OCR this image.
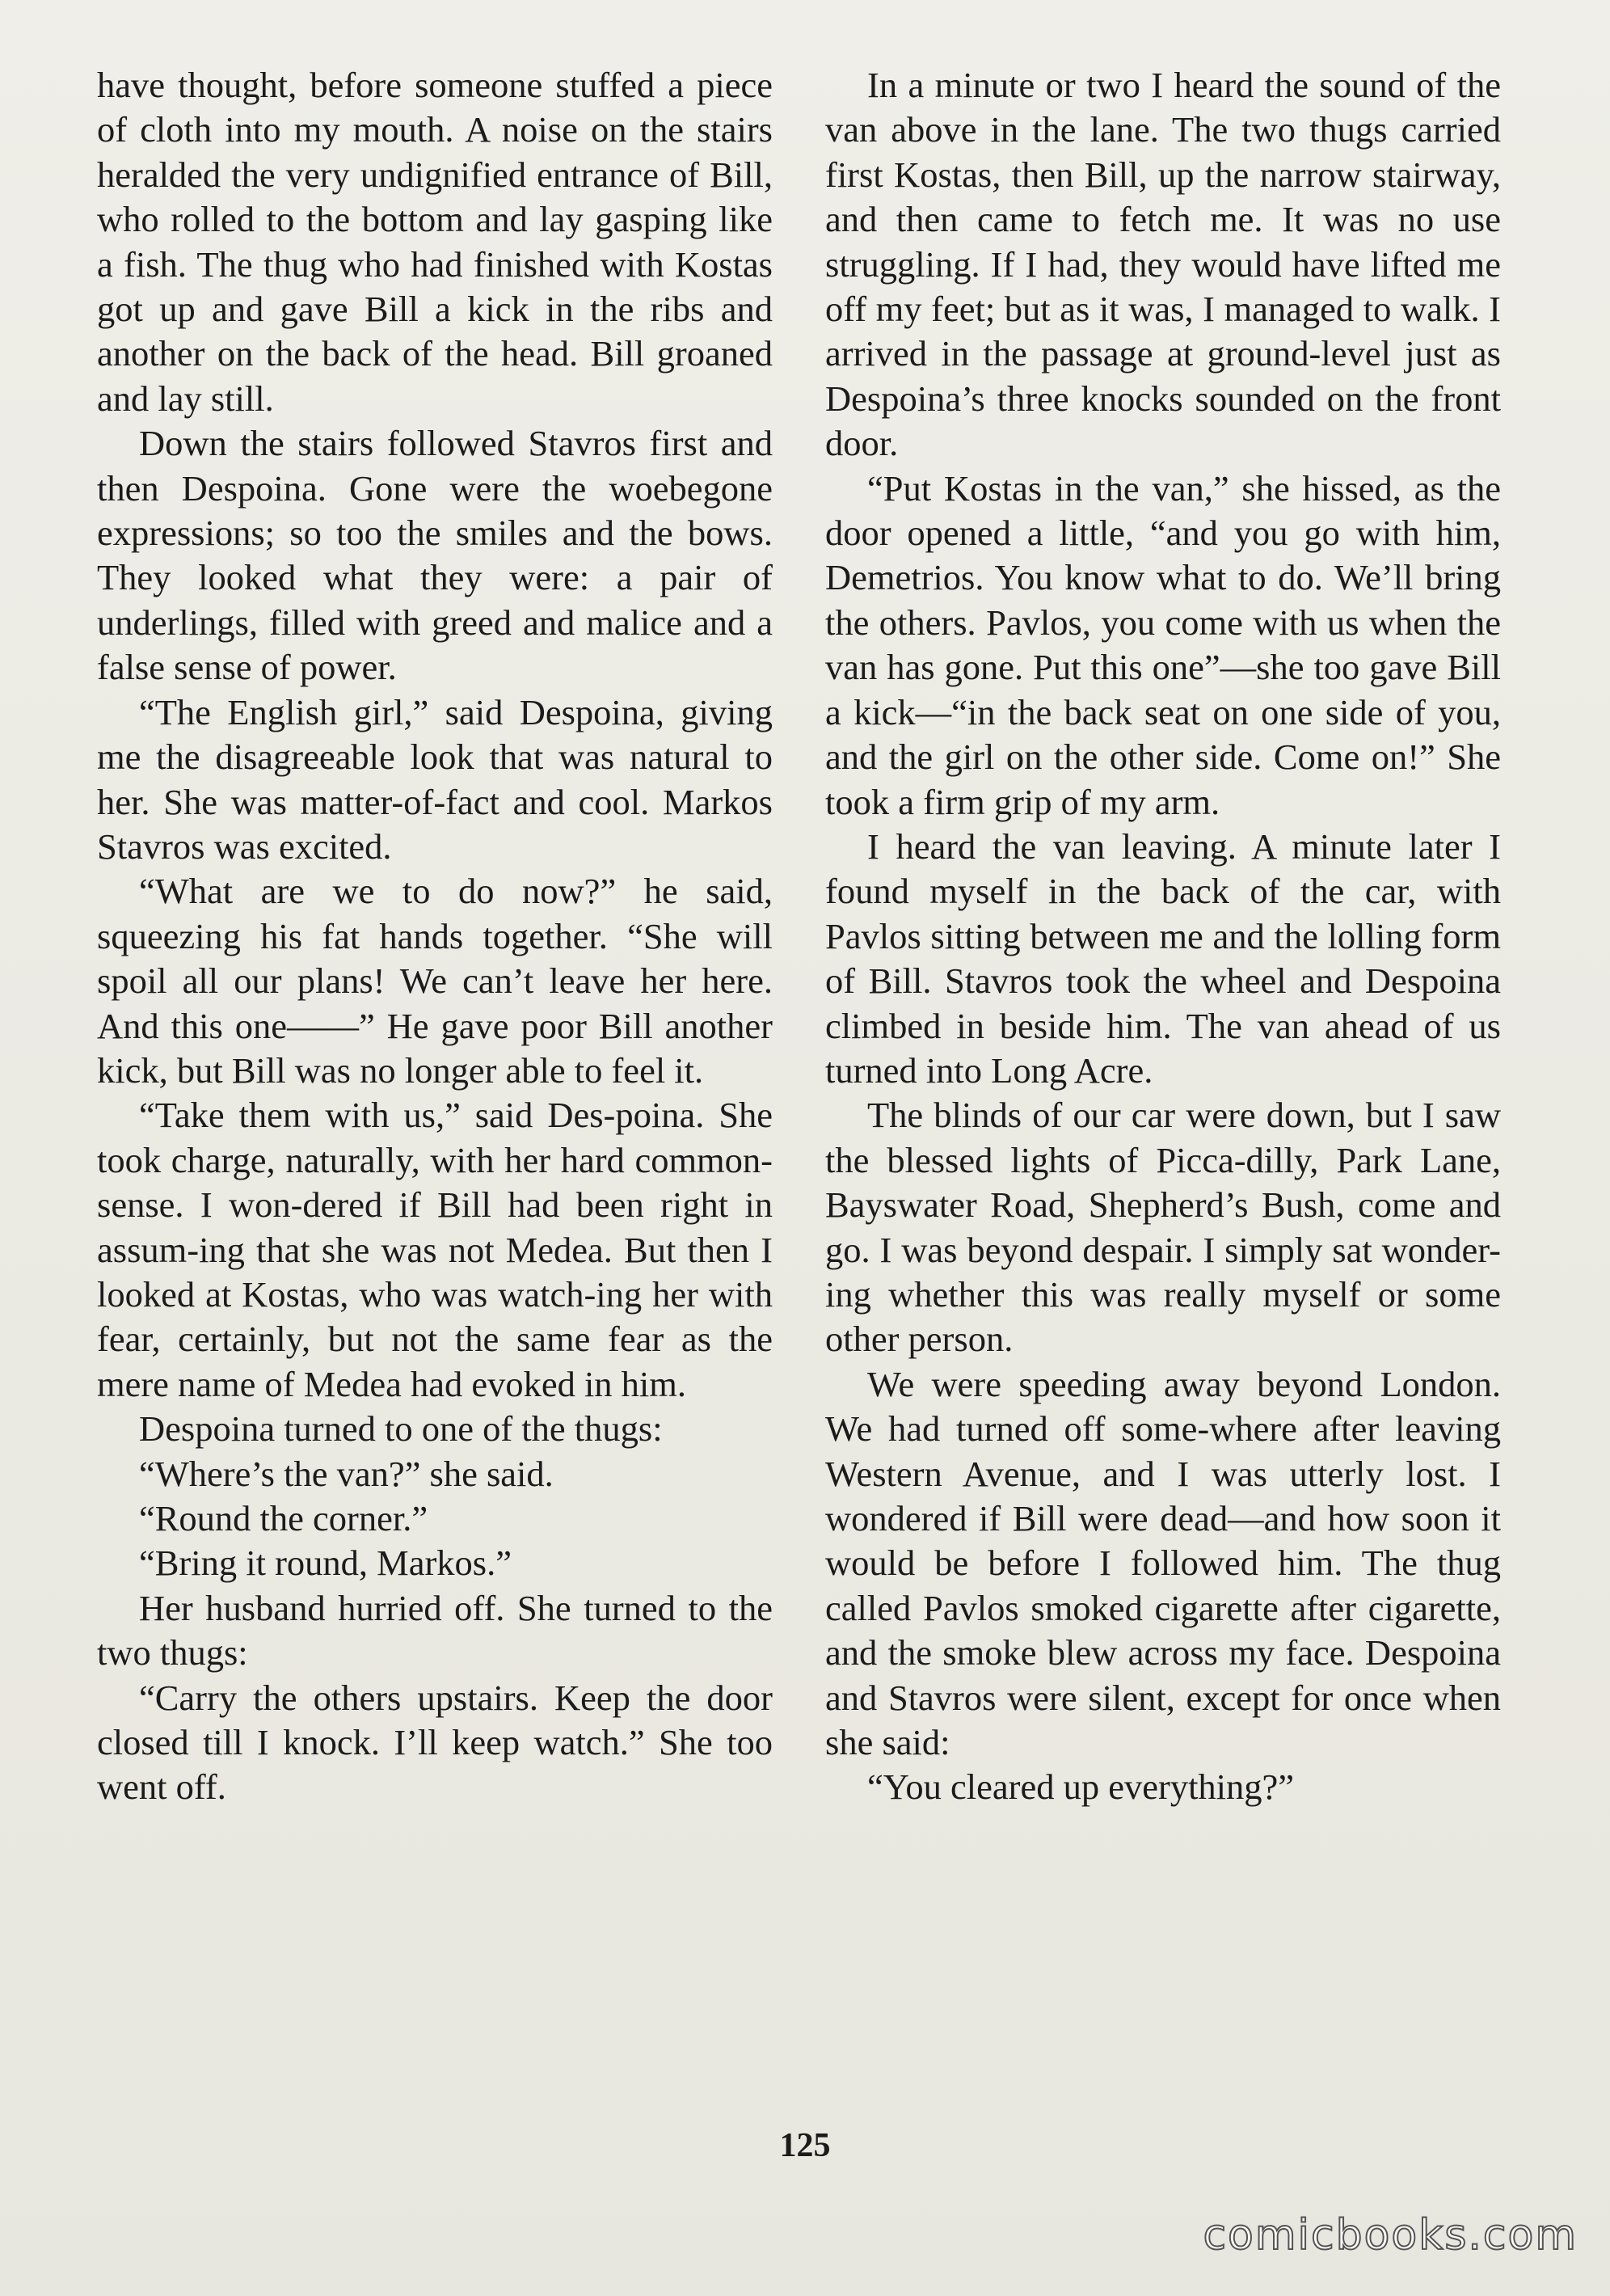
have thought, before someone stuffed a piece of cloth into my mouth. A noise on the stairs heralded the very undignified entrance of Bill, who rolled to the bottom and lay gasping like a fish. The thug who had finished with Kostas got up and gave Bill a kick in the ribs and another on the back of the head. Bill groaned and lay still.

Down the stairs followed Stavros first and then Despoina. Gone were the woebegone expressions; so too the smiles and the bows. They looked what they were: a pair of underlings, filled with greed and malice and a false sense of power.

“The English girl,” said Despoina, giving me the disagreeable look that was natural to her. She was matter-of-fact and cool. Markos Stavros was excited.

“What are we to do now?” he said, squeezing his fat hands together. “She will spoil all our plans! We can’t leave her here. And this one——” He gave poor Bill another kick, but Bill was no longer able to feel it.

“Take them with us,” said Des-poina. She took charge, naturally, with her hard common-sense. I won-dered if Bill had been right in assum-ing that she was not Medea. But then I looked at Kostas, who was watch-ing her with fear, certainly, but not the same fear as the mere name of Medea had evoked in him.

Despoina turned to one of the thugs:

“Where’s the van?” she said.

“Round the corner.”

“Bring it round, Markos.”

Her husband hurried off. She turned to the two thugs:

“Carry the others upstairs. Keep the door closed till I knock. I’ll keep watch.” She too went off.

In a minute or two I heard the sound of the van above in the lane. The two thugs carried first Kostas, then Bill, up the narrow stairway, and then came to fetch me. It was no use struggling. If I had, they would have lifted me off my feet; but as it was, I managed to walk. I arrived in the passage at ground-level just as Despoina’s three knocks sounded on the front door.

“Put Kostas in the van,” she hissed, as the door opened a little, “and you go with him, Demetrios. You know what to do. We’ll bring the others. Pavlos, you come with us when the van has gone. Put this one”—she too gave Bill a kick—“in the back seat on one side of you, and the girl on the other side. Come on!” She took a firm grip of my arm.

I heard the van leaving. A minute later I found myself in the back of the car, with Pavlos sitting between me and the lolling form of Bill. Stavros took the wheel and Despoina climbed in beside him. The van ahead of us turned into Long Acre.

The blinds of our car were down, but I saw the blessed lights of Picca-dilly, Park Lane, Bayswater Road, Shepherd’s Bush, come and go. I was beyond despair. I simply sat wonder-ing whether this was really myself or some other person.

We were speeding away beyond London. We had turned off some-where after leaving Western Avenue, and I was utterly lost. I wondered if Bill were dead—and how soon it would be before I followed him. The thug called Pavlos smoked cigarette after cigarette, and the smoke blew across my face. Despoina and Stavros were silent, except for once when she said:

“You cleared up everything?”

125
comicbooks.com
